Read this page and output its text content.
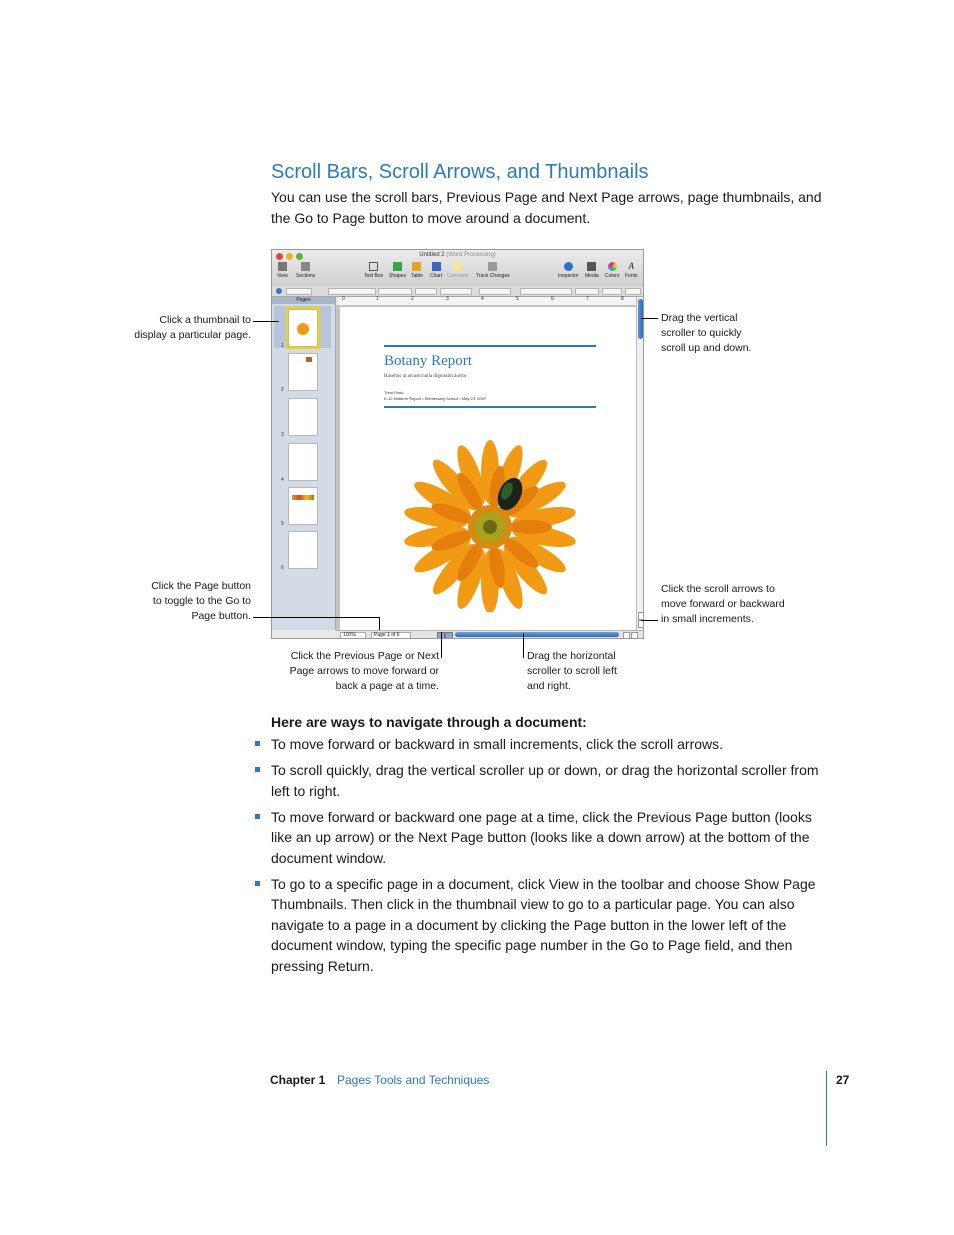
Scroll Bars, Scroll Arrows, and Thumbnails
You can use the scroll bars, Previous Page and Next Page arrows, page thumbnails, and the Go to Page button to move around a document.
Untitled 2 (Word Processing)
View Sections	Text Box Shapes Table Chart Comment Track Changes	Inspector Media Colors
A
Fonts
Pages
1
2
3
4
5
6
0	1	2	3	4	5	6	7	8
Botany Report
Hasellus ut arcusit nulla dignissim auctor
Trent Pinto
K-12 Midterm Report • Elementary School • May 23, 2007
100%	Page 1 of 6
Click a thumbnail to
display a particular page.
Click the Page button
to toggle to the Go to
Page button.
Click the Previous Page or Next
Page arrows to move forward or
back a page at a time.
Drag the horizontal
scroller to scroll left
and right.
Drag the vertical
scroller to quickly
scroll up and down.
Click the scroll arrows to
move forward or backward
in small increments.
Here are ways to navigate through a document:
To move forward or backward in small increments, click the scroll arrows.
To scroll quickly, drag the vertical scroller up or down, or drag the horizontal scroller from left to right.
To move forward or backward one page at a time, click the Previous Page button (looks like an up arrow) or the Next Page button (looks like a down arrow) at the bottom of the document window.
To go to a specific page in a document, click View in the toolbar and choose Show Page Thumbnails. Then click in the thumbnail view to go to a particular page. You can also navigate to a page in a document by clicking the Page button in the lower left of the document window, typing the specific page number in the Go to Page field, and then pressing Return.
Chapter 1 Pages Tools and Techniques	27
